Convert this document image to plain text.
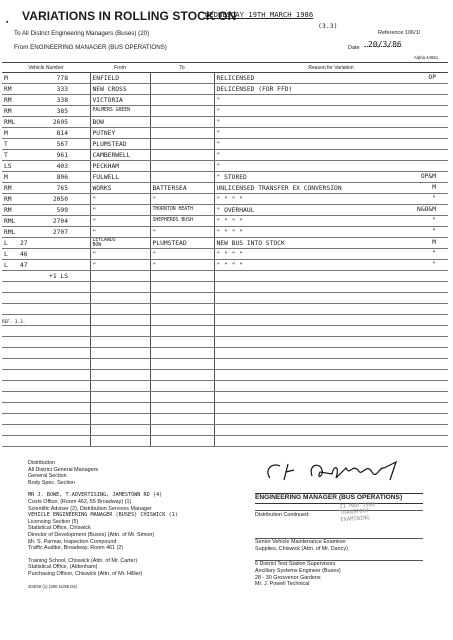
▪ VARIATIONS IN ROLLING STOCK ON
WEDNESDAY 19TH MARCH 1986
(3.3)
To All District Engineering Managers (Buses) (20)	Reference 106/1/
From ENGINEERING MANAGER (BUS OPERATIONS)	Date 20/3/86
Alpha 44651
Vehicle Number	From	To	Reason for Variation
M 778	ENFIELD		RELICENSED OP

RM 333	NEW CROSS		DELICENSED (FOR FFD)

RM 338	VICTORIA		"

RM 385	PALMERS GREEN		"

RML 2695	BOW		"

M 814	PUTNEY		"

T 567	PLUMSTEAD		"

T 961	CAMBERWELL		"

LS 403	PECKHAM		"

M 806	FULWELL		" STORED OP&M

RM 765	WORKS	BATTERSEA	UNLICENSED TRANSFER EX CONVERSION M

RM 2050	"	"	" " " " "

RM 599	"	THORNTON HEATH	" OVERHAUL N&O&M

RML 2704	"	SHEPHERDS BUSH	" " " " "

RML 2707	"	"	" " " " "

L 27	LEYLANDS BOW	PLUMSTEAD	NEW BUS INTO STOCK M

L 46	"	"	" " " " "

L 47	"	"	" " " " "

+1 LS			

REF. 3.3.
Distribution
All District General Managers
General Section
Body Spec. Section
MR J. BOWE, T.ADVERTISING, JAMESTOWN RD (4)
Costs Office, (Room 462, 55 Broadway) (1)
Scientific Adviser (2), Distribution Services Manager
VEHICLE ENGINEERING MANAGER (BUSES) CHISWICK (1)
Licensing Section (5)
Statistical Office, Chiswick
Director of Development (Buses) (Attn. of Mr. Simon)
Mr. S. Parmar, Inspection Compound
Traffic Auditor, Broadway, Room 461 (2)
Training School, Chiswick (Attn. of Mr. Carter)
Statistical Office, (Aldenham)
Purchasing Officer, Chiswick (Attn. of Mr. Hillier)
403/59 (1) (300 11/85 D4)
ENGINEERING MANAGER (BUS OPERATIONS)
Distribution Continued:
Senior Vehicle Maintenance Examiner
Supplies, Chiswick (Attn. of Mr. Dancy)
6 District Test Station Supervisors
Ancillary Systems Engineer (Buses)
28 - 30 Grosvenor Gardens
Mr. J. Powell Technical
21 MAR 1986
TRANSPORT
EXAMINING
